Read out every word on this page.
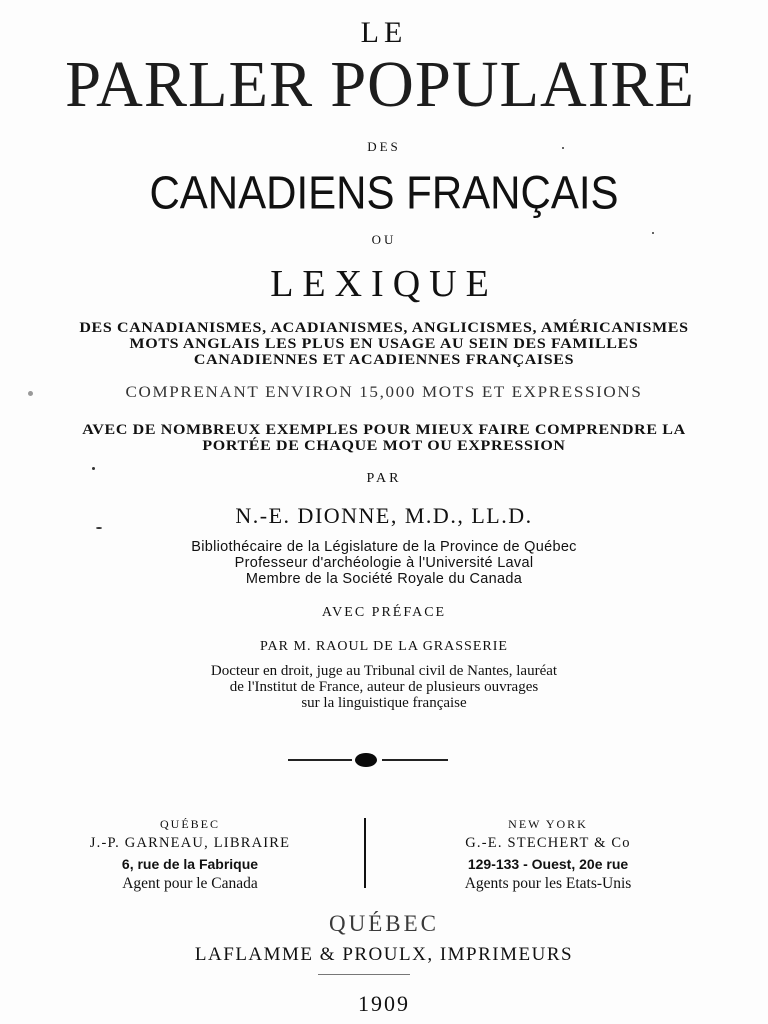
LE
PARLER POPULAIRE
DES
CANADIENS FRANÇAIS
OU
LEXIQUE
DES CANADIANISMES, ACADIANISMES, ANGLICISMES, AMÉRICANISMES
MOTS ANGLAIS LES PLUS EN USAGE AU SEIN DES FAMILLES
CANADIENNES ET ACADIENNES FRANÇAISES
COMPRENANT ENVIRON 15,000 MOTS ET EXPRESSIONS
AVEC DE NOMBREUX EXEMPLES POUR MIEUX FAIRE COMPRENDRE LA
PORTÉE DE CHAQUE MOT OU EXPRESSION
PAR
N.-E. DIONNE, M.D., LL.D.
Bibliothécaire de la Législature de la Province de Québec
Professeur d'archéologie à l'Université Laval
Membre de la Société Royale du Canada
AVEC PRÉFACE
PAR M. RAOUL DE LA GRASSERIE
Docteur en droit, juge au Tribunal civil de Nantes, lauréat
de l'Institut de France, auteur de plusieurs ouvrages
sur la linguistique française
QUÉBEC
J.-P. GARNEAU, LIBRAIRE
6, rue de la Fabrique
Agent pour le Canada
NEW YORK
G.-E. STECHERT & Co
129-133 - Ouest, 20e rue
Agents pour les Etats-Unis
QUÉBEC
LAFLAMME & PROULX, IMPRIMEURS
1909
